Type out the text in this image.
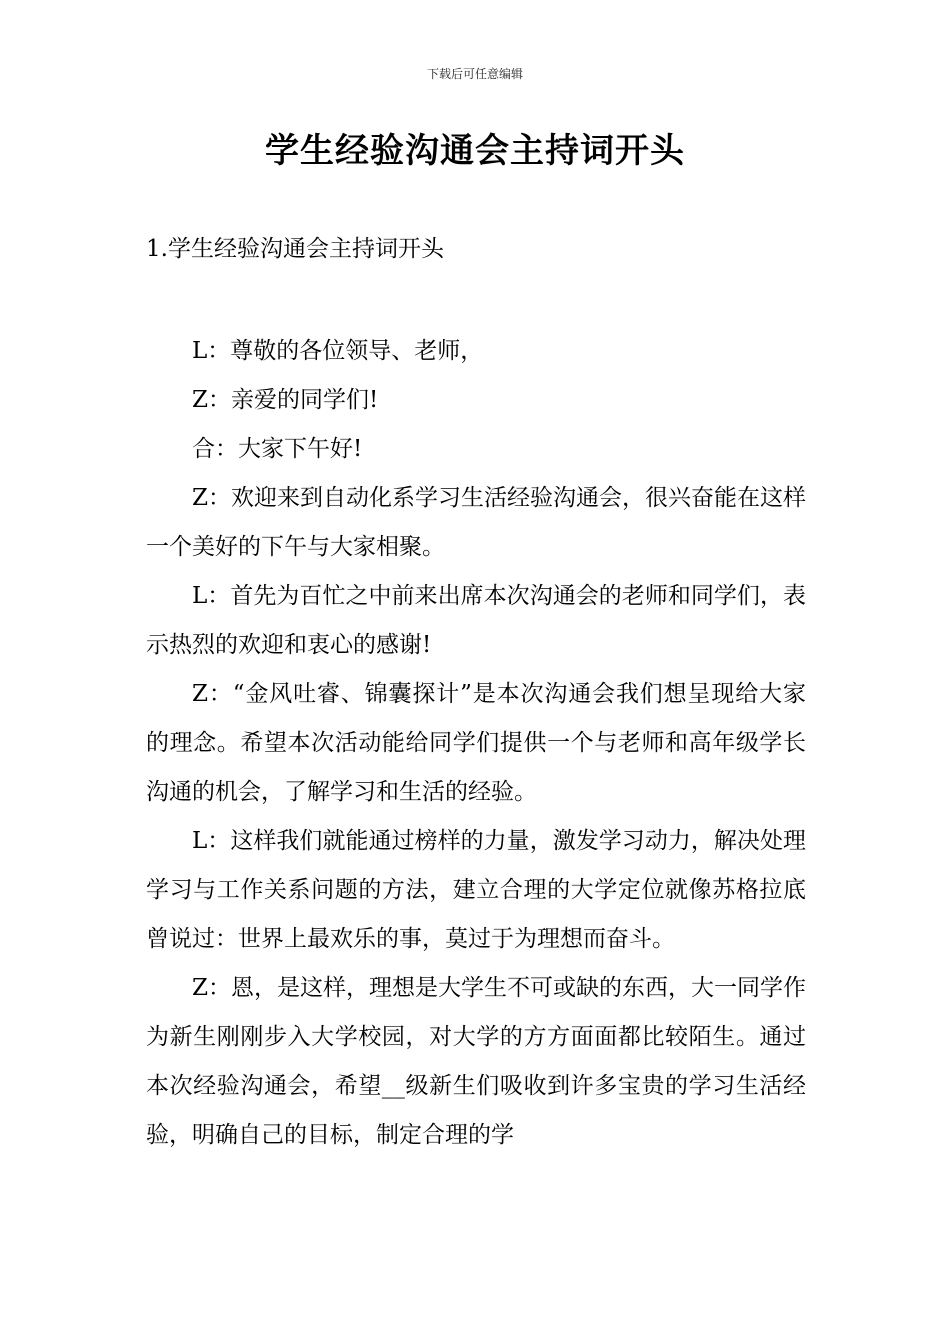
下载后可任意编辑
学生经验沟通会主持词开头
1.学生经验沟通会主持词开头

L：尊敬的各位领导、老师，

Z：亲爱的同学们!

合：大家下午好!

Z：欢迎来到自动化系学习生活经验沟通会，很兴奋能在这样一个美好的下午与大家相聚。

L：首先为百忙之中前来出席本次沟通会的老师和同学们，表示热烈的欢迎和衷心的感谢!

Z：“金风吐睿、锦囊探计”是本次沟通会我们想呈现给大家的理念。希望本次活动能给同学们提供一个与老师和高年级学长沟通的机会，了解学习和生活的经验。

L：这样我们就能通过榜样的力量，激发学习动力，解决处理学习与工作关系问题的方法，建立合理的大学定位就像苏格拉底曾说过：世界上最欢乐的事，莫过于为理想而奋斗。

Z：恩，是这样，理想是大学生不可或缺的东西，大一同学作为新生刚刚步入大学校园，对大学的方方面面都比较陌生。通过本次经验沟通会，希望__级新生们吸收到许多宝贵的学习生活经验，明确自己的目标，制定合理的学
